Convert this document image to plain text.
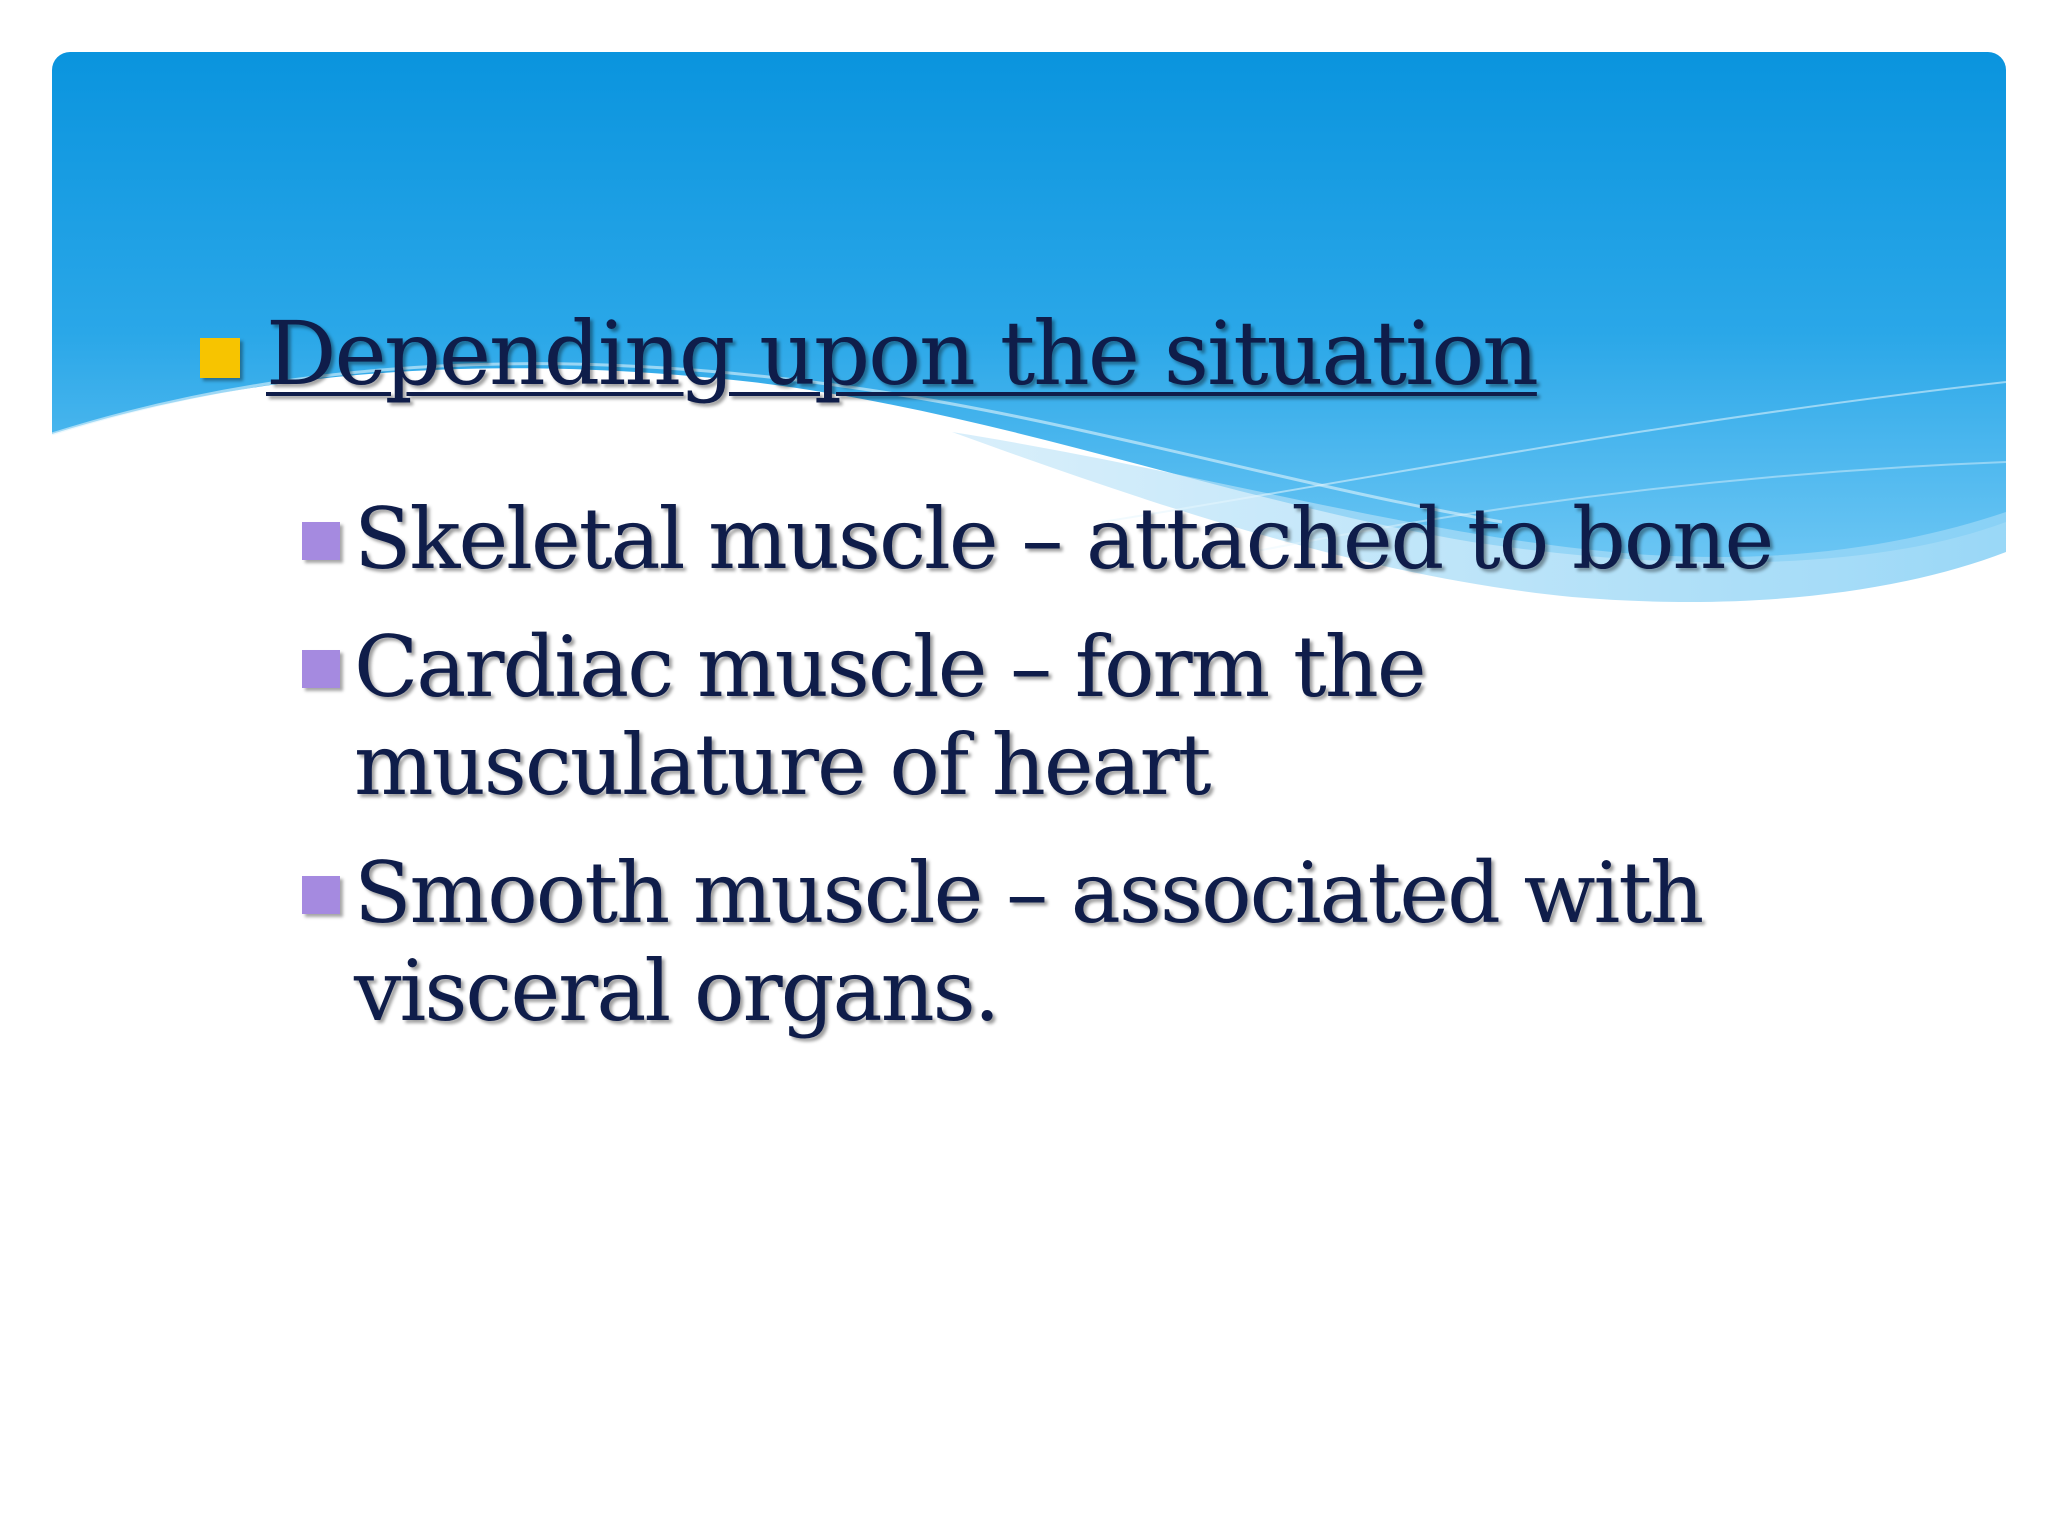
Depending upon the situation
Skeletal muscle – attached to bone
Cardiac muscle – form the
musculature of heart
Smooth muscle – associated with
visceral organs.
